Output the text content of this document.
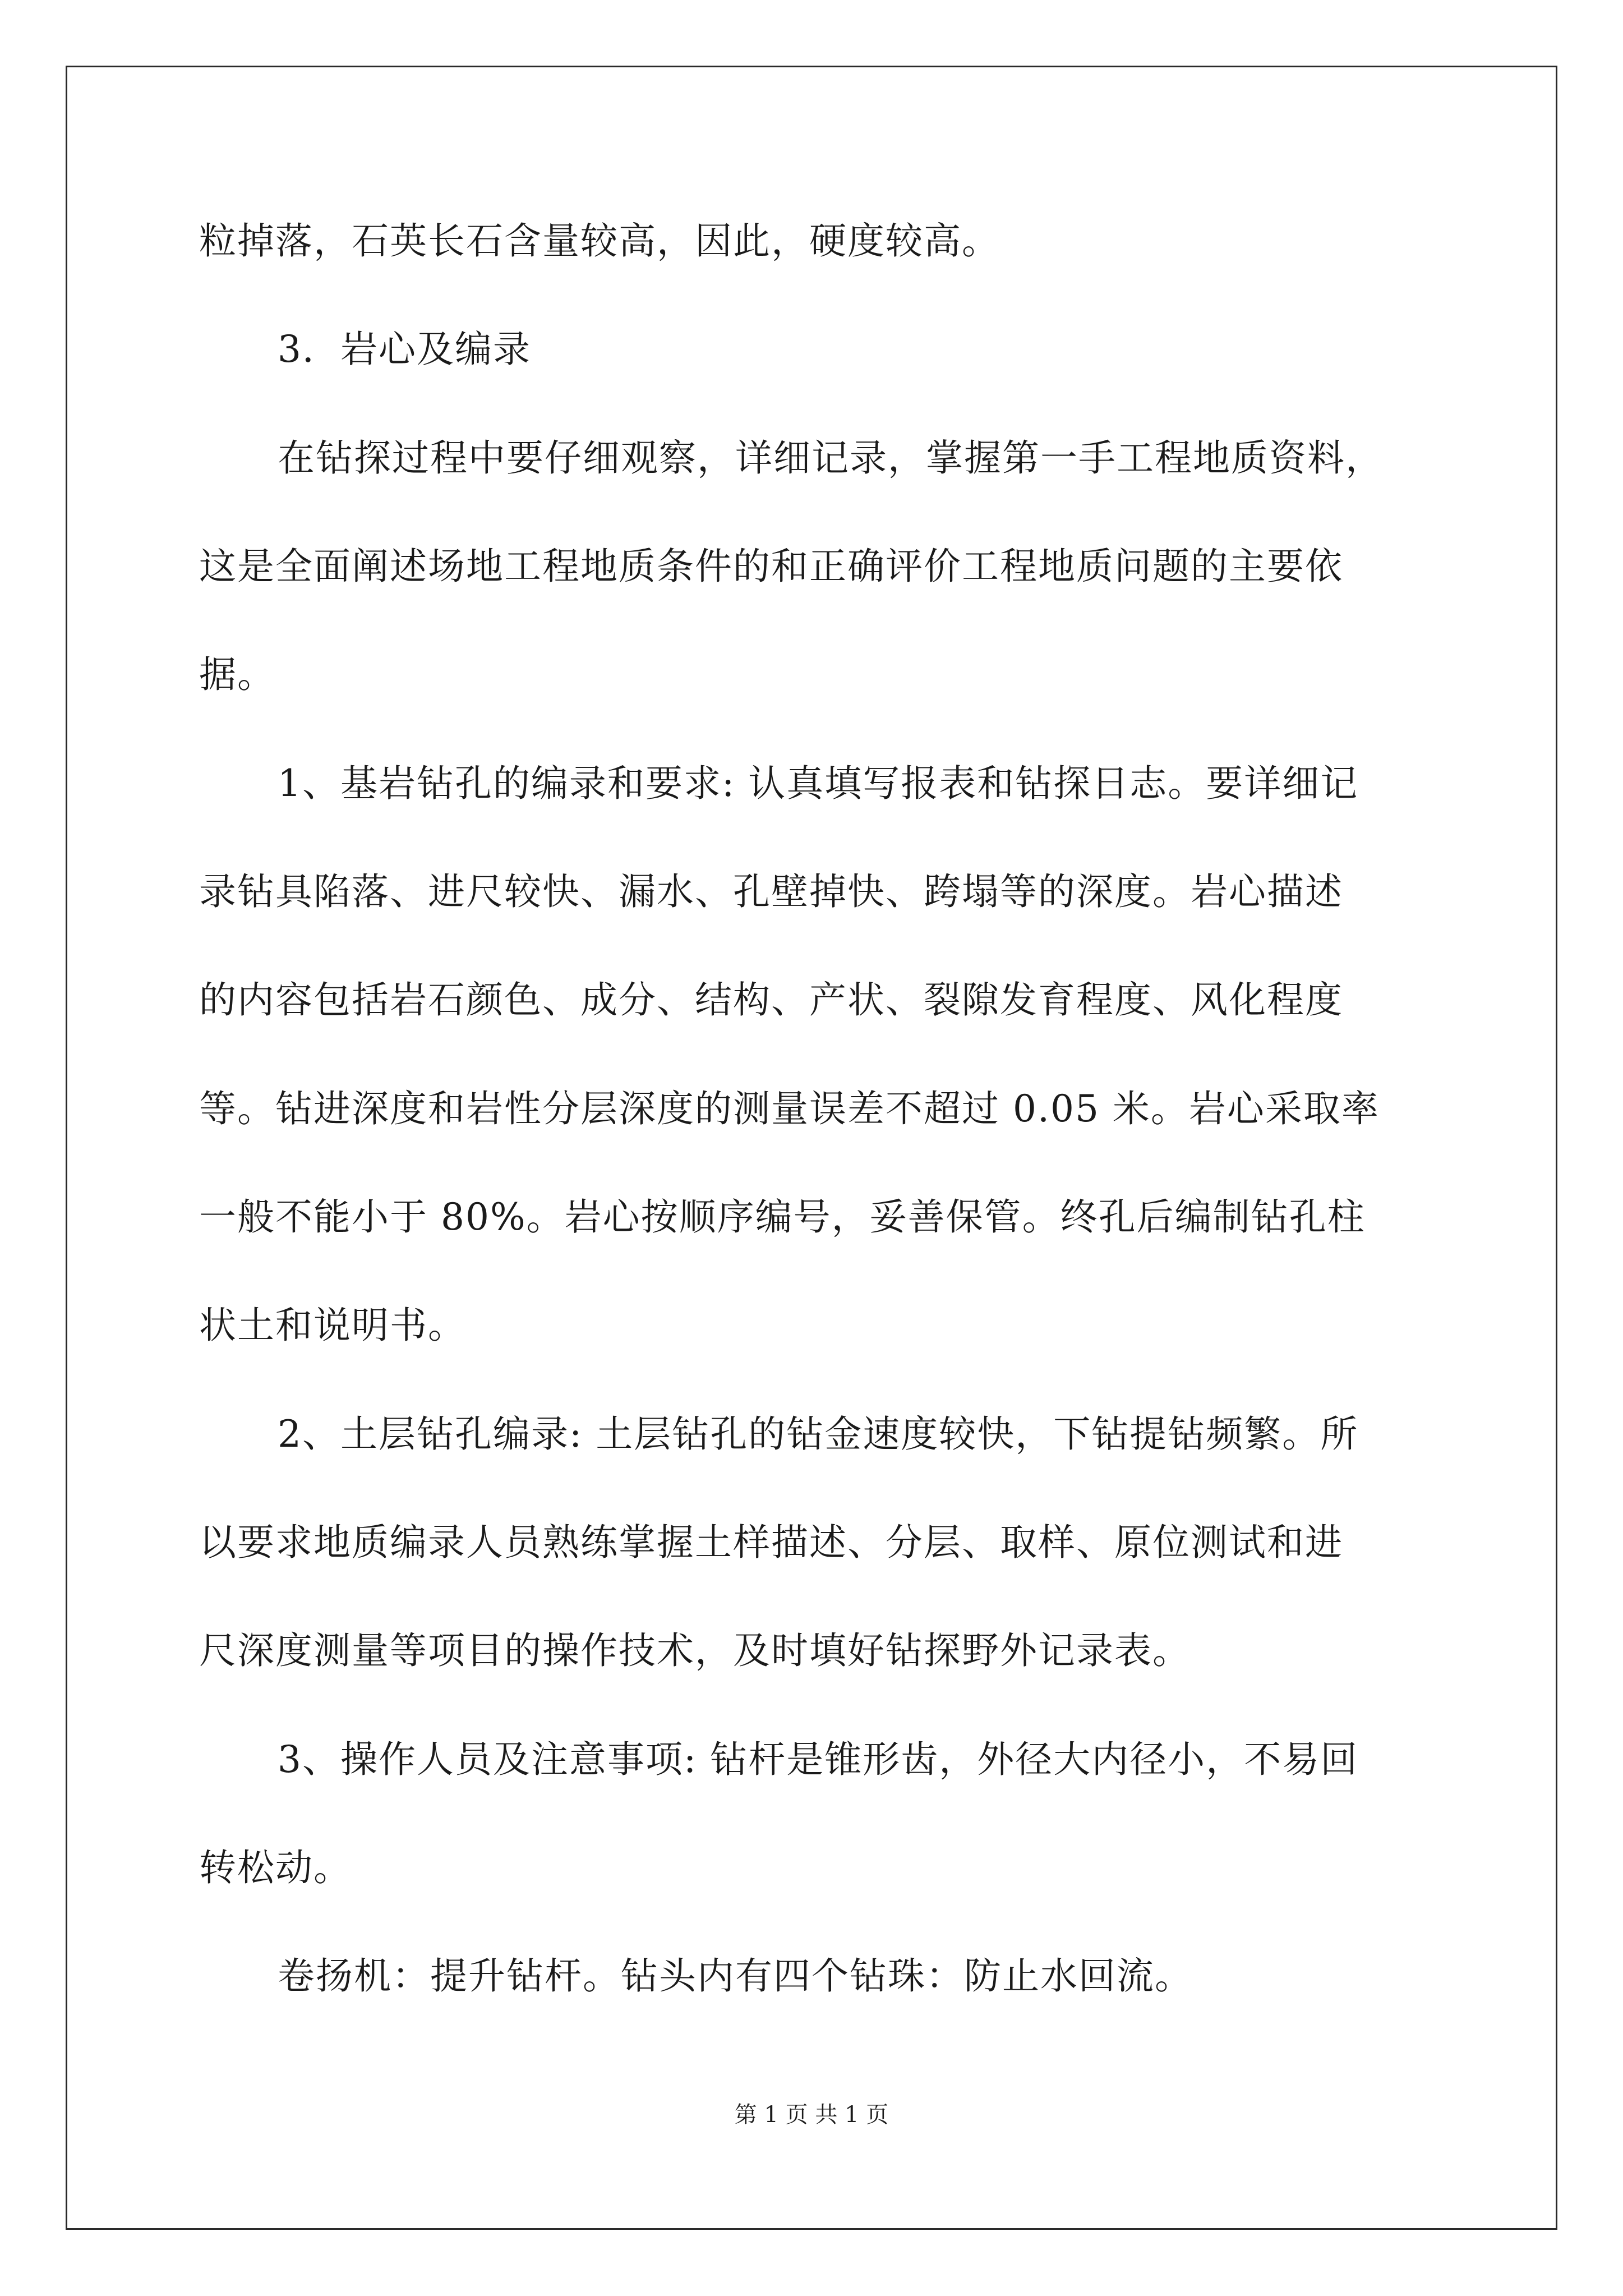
粒掉落，石英长石含量较高，因此，硬度较高。
3．岩心及编录
在钻探过程中要仔细观察，详细记录，掌握第一手工程地质资料，
这是全面阐述场地工程地质条件的和正确评价工程地质问题的主要依
据。
1、基岩钻孔的编录和要求: 认真填写报表和钻探日志。要详细记
录钻具陷落、进尺较快、漏水、孔壁掉快、跨塌等的深度。岩心描述
的内容包括岩石颜色、成分、结构、产状、裂隙发育程度、风化程度
等。钻进深度和岩性分层深度的测量误差不超过 0.05 米。岩心采取率
一般不能小于 80%。岩心按顺序编号，妥善保管。终孔后编制钻孔柱
状土和说明书。
2、土层钻孔编录: 土层钻孔的钻金速度较快，下钻提钻频繁。所
以要求地质编录人员熟练掌握土样描述、分层、取样、原位测试和进
尺深度测量等项目的操作技术，及时填好钻探野外记录表。
3、操作人员及注意事项: 钻杆是锥形齿，外径大内径小，不易回
转松动。
卷扬机：提升钻杆。钻头内有四个钻珠：防止水回流。
第 1 页 共 1 页
